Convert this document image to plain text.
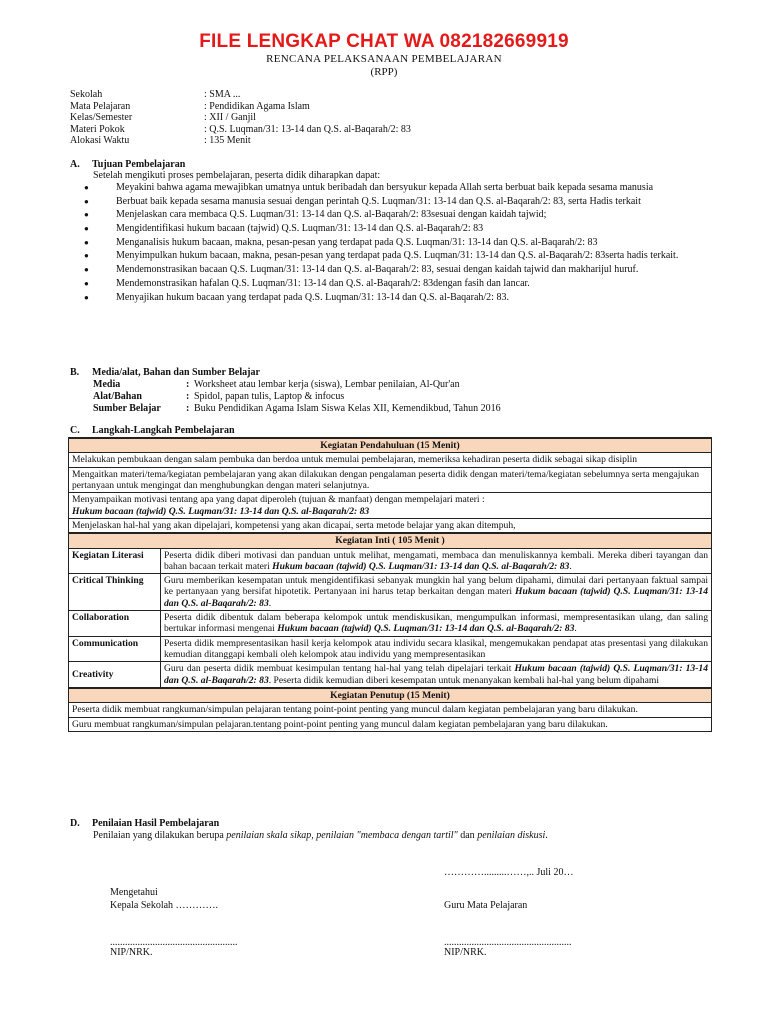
FILE LENGKAP CHAT WA 082182669919
RENCANA PELAKSANAAN PEMBELAJARAN
(RPP)
Sekolah	: SMA ...
Mata Pelajaran	: Pendidikan Agama Islam
Kelas/Semester	: XII / Ganjil
Materi Pokok	: Q.S. Luqman/31: 13-14 dan Q.S. al-Baqarah/2: 83
Alokasi Waktu	: 135 Menit
A. Tujuan Pembelajaran
Setelah mengikuti proses pembelajaran, peserta didik diharapkan dapat:
●	Meyakini bahwa agama mewajibkan umatnya untuk beribadah dan bersyukur kepada Allah serta berbuat baik kepada sesama manusia
●	Berbuat baik kepada sesama manusia sesuai dengan perintah Q.S. Luqman/31: 13-14 dan Q.S. al-Baqarah/2: 83, serta Hadis terkait
●	Menjelaskan cara membaca Q.S. Luqman/31: 13-14 dan Q.S. al-Baqarah/2: 83sesuai dengan kaidah tajwid;
●	Mengidentifikasi hukum bacaan (tajwid) Q.S. Luqman/31: 13-14 dan Q.S. al-Baqarah/2: 83
●	Menganalisis hukum bacaan, makna, pesan-pesan yang terdapat pada Q.S. Luqman/31: 13-14 dan Q.S. al-Baqarah/2: 83
●	Menyimpulkan hukum bacaan, makna, pesan-pesan yang terdapat pada Q.S. Luqman/31: 13-14 dan Q.S. al-Baqarah/2: 83serta hadis terkait.
●	Mendemonstrasikan bacaan Q.S. Luqman/31: 13-14 dan Q.S. al-Baqarah/2: 83, sesuai dengan kaidah tajwid dan makharijul huruf.
●	Mendemonstrasikan hafalan Q.S. Luqman/31: 13-14 dan Q.S. al-Baqarah/2: 83dengan fasih dan lancar.
●	Menyajikan hukum bacaan yang terdapat pada Q.S. Luqman/31: 13-14 dan Q.S. al-Baqarah/2: 83.
B. Media/alat, Bahan dan Sumber Belajar
Media	: Worksheet atau lembar kerja (siswa), Lembar penilaian, Al-Qur'an
Alat/Bahan	: Spidol, papan tulis, Laptop & infocus
Sumber Belajar	: Buku Pendidikan Agama Islam Siswa Kelas XII, Kemendikbud, Tahun 2016
C. Langkah-Langkah Pembelajaran
Kegiatan Pendahuluan (15 Menit)	
Melakukan pembukaan dengan salam pembuka dan berdoa untuk memulai pembelajaran, memeriksa kehadiran peserta didik sebagai sikap disiplin	
Mengaitkan materi/tema/kegiatan pembelajaran yang akan dilakukan dengan pengalaman peserta didik dengan materi/tema/kegiatan sebelumnya serta mengajukan pertanyaan untuk mengingat dan menghubungkan dengan materi selanjutnya.	

Menyampaikan motivasi tentang apa yang dapat diperoleh (tujuan & manfaat) dengan mempelajari materi :
Hukum bacaan (tajwid) Q.S. Luqman/31: 13-14 dan Q.S. al-Baqarah/2: 83	

Menjelaskan hal-hal yang akan dipelajari, kompetensi yang akan dicapai, serta metode belajar yang akan ditempuh,	
Kegiatan Inti ( 105 Menit )	
Kegiatan Literasi	Peserta didik diberi motivasi dan panduan untuk melihat, mengamati, membaca dan menuliskannya kembali. Mereka diberi tayangan dan bahan bacaan terkait materi Hukum bacaan (tajwid) Q.S. Luqman/31: 13-14 dan Q.S. al-Baqarah/2: 83.
Critical Thinking	Guru memberikan kesempatan untuk mengidentifikasi sebanyak mungkin hal yang belum dipahami, dimulai dari pertanyaan faktual sampai ke pertanyaan yang bersifat hipotetik. Pertanyaan ini harus tetap berkaitan dengan materi Hukum bacaan (tajwid) Q.S. Luqman/31: 13-14 dan Q.S. al-Baqarah/2: 83.
Collaboration	Peserta didik dibentuk dalam beberapa kelompok untuk mendiskusikan, mengumpulkan informasi, mempresentasikan ulang, dan saling bertukar informasi mengenai Hukum bacaan (tajwid) Q.S. Luqman/31: 13-14 dan Q.S. al-Baqarah/2: 83.
Communication	Peserta didik mempresentasikan hasil kerja kelompok atau individu secara klasikal, mengemukakan pendapat atas presentasi yang dilakukan kemudian ditanggapi kembali oleh kelompok atau individu yang mempresentasikan
Creativity	Guru dan peserta didik membuat kesimpulan tentang hal-hal yang telah dipelajari terkait Hukum bacaan (tajwid) Q.S. Luqman/31: 13-14 dan Q.S. al-Baqarah/2: 83. Peserta didik kemudian diberi kesempatan untuk menanyakan kembali hal-hal yang belum dipahami
Kegiatan Penutup (15 Menit)	
Peserta didik membuat rangkuman/simpulan pelajaran tentang point-point penting yang muncul dalam kegiatan pembelajaran yang baru dilakukan.	
Guru membuat rangkuman/simpulan pelajaran.tentang point-point penting yang muncul dalam kegiatan pembelajaran yang baru dilakukan.	
D. Penilaian Hasil Pembelajaran
Penilaian yang dilakukan berupa penilaian skala sikap, penilaian "membaca dengan tartil" dan penilaian diskusi.
………….........……,.. Juli 20…
Mengetahui
Kepala Sekolah ………….	Guru Mata Pelajaran
...................................................	...................................................
NIP/NRK.	NIP/NRK.
